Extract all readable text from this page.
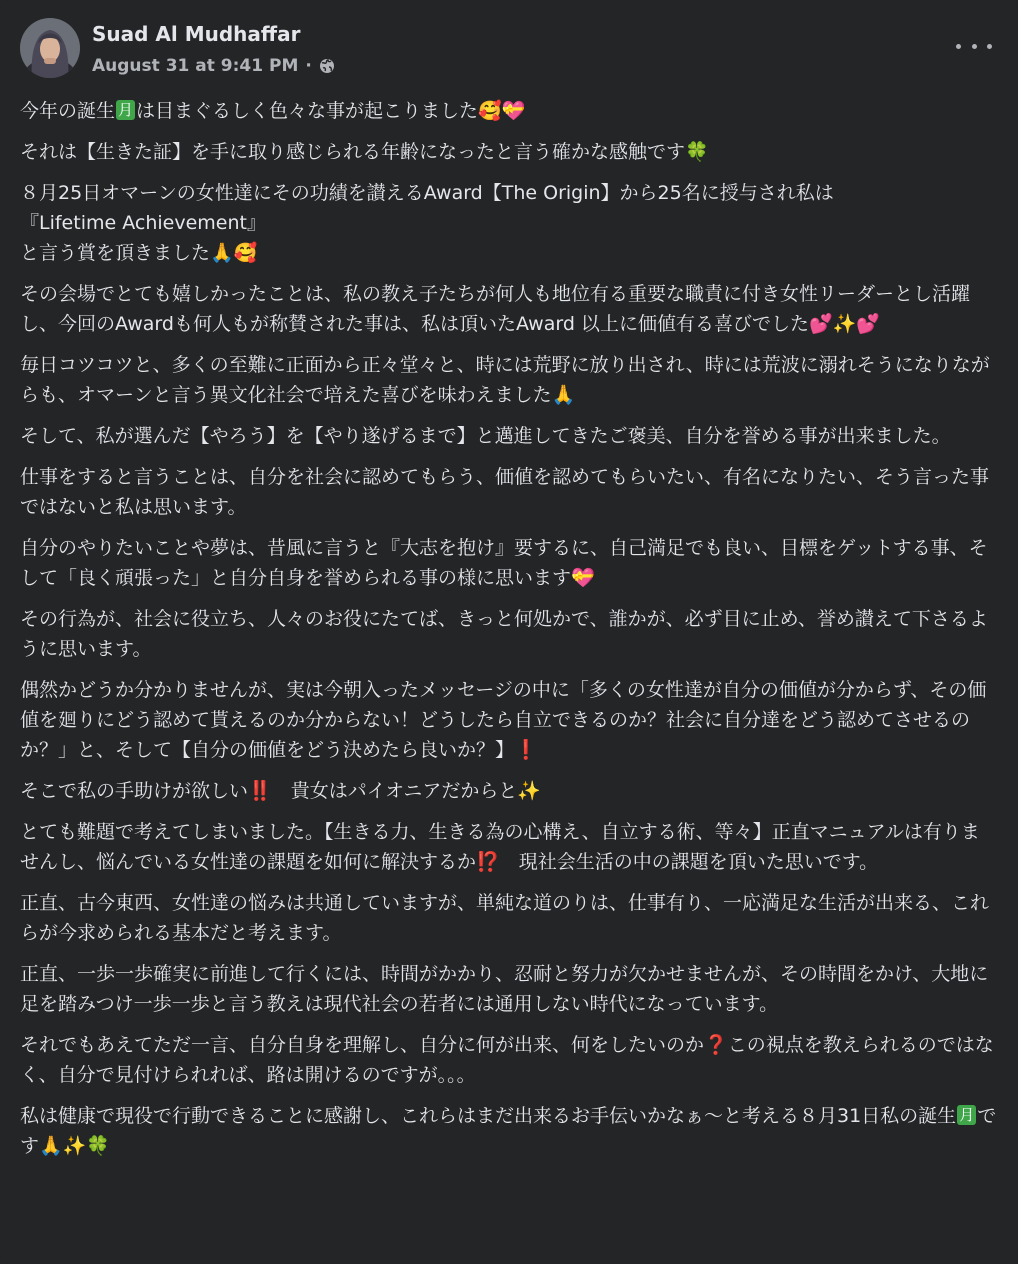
Suad Al Mudhaffar
August 31 at 9:41 PM ·

今年の誕生 月 は目まぐるしく色々な事が起こりました🥰💝

それは【生きた証】を手に取り感じられる年齢になったと言う確かな感触です🍀

８月25日オマーンの女性達にその功績を讃えるAward【The Origin】から25名に授与され私は
『Lifetime Achievement』
と言う賞を頂きました🙏🥰

その会場でとても嬉しかったことは、私の教え子たちが何人も地位有る重要な職責に付き女性リーダーとし活躍し、今回のAwardも何人もが称賛された事は、私は頂いたAward 以上に価値有る喜びでした💕✨💕

毎日コツコツと、多くの至難に正面から正々堂々と、時には荒野に放り出され、時には荒波に溺れそうになりながらも、オマーンと言う異文化社会で培えた喜びを味わえました🙏

そして、私が選んだ【やろう】を【やり遂げるまで】と邁進してきたご褒美、自分を誉める事が出来ました。

仕事をすると言うことは、自分を社会に認めてもらう、価値を認めてもらいたい、有名になりたい、そう言った事ではないと私は思います。

自分のやりたいことや夢は、昔風に言うと『大志を抱け』要するに、自己満足でも良い、目標をゲットする事、そして「良く頑張った」と自分自身を誉められる事の様に思います💝

その行為が、社会に役立ち、人々のお役にたてば、きっと何処かで、誰かが、必ず目に止め、誉め讃えて下さるように思います。

偶然かどうか分かりませんが、実は今朝入ったメッセージの中に「多くの女性達が自分の価値が分からず、その価値を廻りにどう認めて貰えるのか分からない！どうしたら自立できるのか？社会に自分達をどう認めてさせるのか？」と、そして【自分の価値をどう決めたら良いか？】❗

そこで私の手助けが欲しい‼️　貴女はパイオニアだからと✨

とても難題で考えてしまいました。【生きる力、生きる為の心構え、自立する術、等々】正直マニュアルは有りませんし、悩んでいる女性達の課題を如何に解決するか⁉️　現社会生活の中の課題を頂いた思いです。

正直、古今東西、女性達の悩みは共通していますが、単純な道のりは、仕事有り、一応満足な生活が出来る、これらが今求められる基本だと考えます。

正直、一歩一歩確実に前進して行くには、時間がかかり、忍耐と努力が欠かせませんが、その時間をかけ、大地に足を踏みつけ一歩一歩と言う教えは現代社会の若者には通用しない時代になっています。

それでもあえてただ一言、自分自身を理解し、自分に何が出来、何をしたいのか❓この視点を教えられるのではなく、自分で見付けられれば、路は開けるのですが。。。

私は健康で現役で行動できることに感謝し、これらはまだ出来るお手伝いかなぁ〜と考える８月31日私の誕生 月 です🙏✨🍀
